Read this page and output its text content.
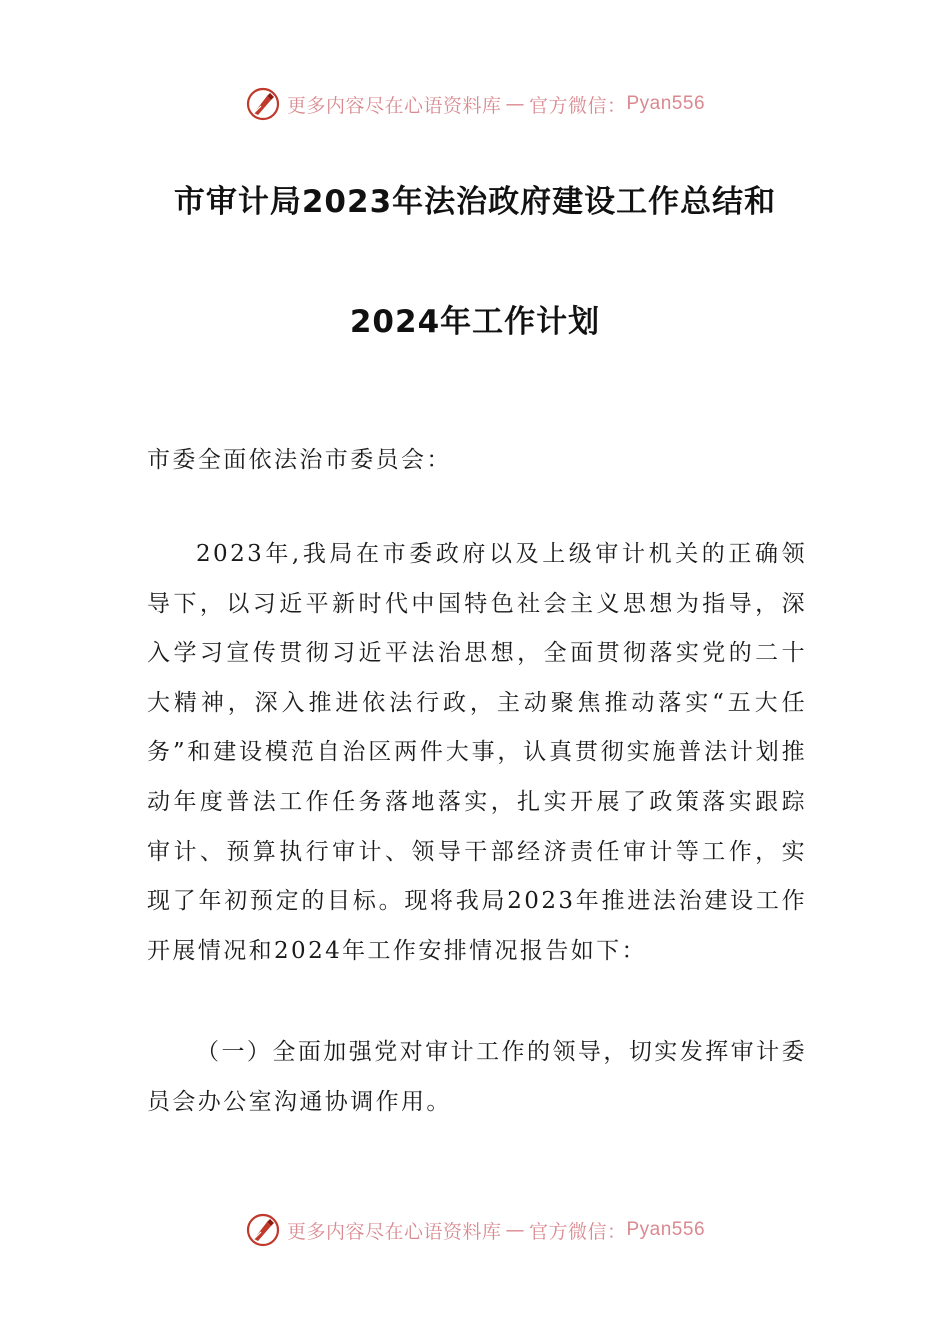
更多内容尽在心语资料库 — 官方微信： Pyan556
市审计局2023年法治政府建设工作总结和
2024年工作计划
市委全面依法治市委员会：
2023年,我局在市委政府以及上级审计机关的正确领导下，以习近平新时代中国特色社会主义思想为指导，深入学习宣传贯彻习近平法治思想，全面贯彻落实党的二十大精神，深入推进依法行政，主动聚焦推动落实“五大任务”和建设模范自治区两件大事，认真贯彻实施普法计划推动年度普法工作任务落地落实，扎实开展了政策落实跟踪审计、预算执行审计、领导干部经济责任审计等工作，实现了年初预定的目标。现将我局2023年推进法治建设工作开展情况和2024年工作安排情况报告如下：
（一）全面加强党对审计工作的领导，切实发挥审计委员会办公室沟通协调作用。
更多内容尽在心语资料库 — 官方微信： Pyan556
